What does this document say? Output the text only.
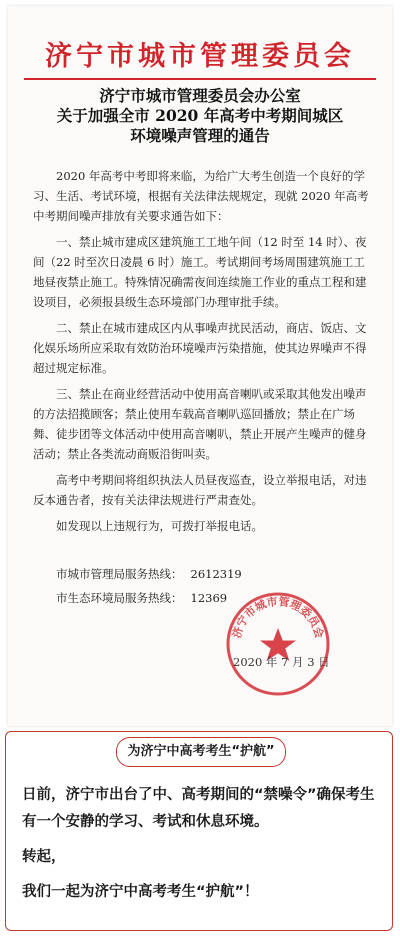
济宁市城市管理委员会
济宁市城市管理委员会办公室
关于加强全市 2020 年高考中考期间城区
环境噪声管理的通告

2020 年高考中考即将来临，为给广大考生创造一个良好的学习、生活、考试环境，根据有关法律法规规定，现就 2020 年高考中考期间噪声排放有关要求通告如下：

一、禁止城市建成区建筑施工工地午间（12 时至 14 时）、夜间（22 时至次日凌晨 6 时）施工。考试期间考场周围建筑施工工地昼夜禁止施工。特殊情况确需夜间连续施工作业的重点工程和建设项目，必须报县级生态环境部门办理审批手续。

二、禁止在城市建成区内从事噪声扰民活动，商店、饭店、文化娱乐场所应采取有效防治环境噪声污染措施，使其边界噪声不得超过规定标准。

三、禁止在商业经营活动中使用高音喇叭或采取其他发出噪声的方法招揽顾客；禁止使用车载高音喇叭巡回播放；禁止在广场舞、徒步团等文体活动中使用高音喇叭，禁止开展产生噪声的健身活动；禁止各类流动商贩沿街叫卖。

高考中考期间将组织执法人员昼夜巡查，设立举报电话，对违反本通告者，按有关法律法规进行严肃查处。

如发现以上违规行为，可拨打举报电话。

市城市管理局服务热线： 2612319
市生态环境局服务热线： 12369
济宁市城市管理委员会
2020 年 7 月 3 日
为济宁中高考考生“护航”
日前，济宁市出台了中、高考期间的“禁噪令”确保考生有一个安静的学习、考试和休息环境。
转起，
我们一起为济宁中高考考生“护航”！
